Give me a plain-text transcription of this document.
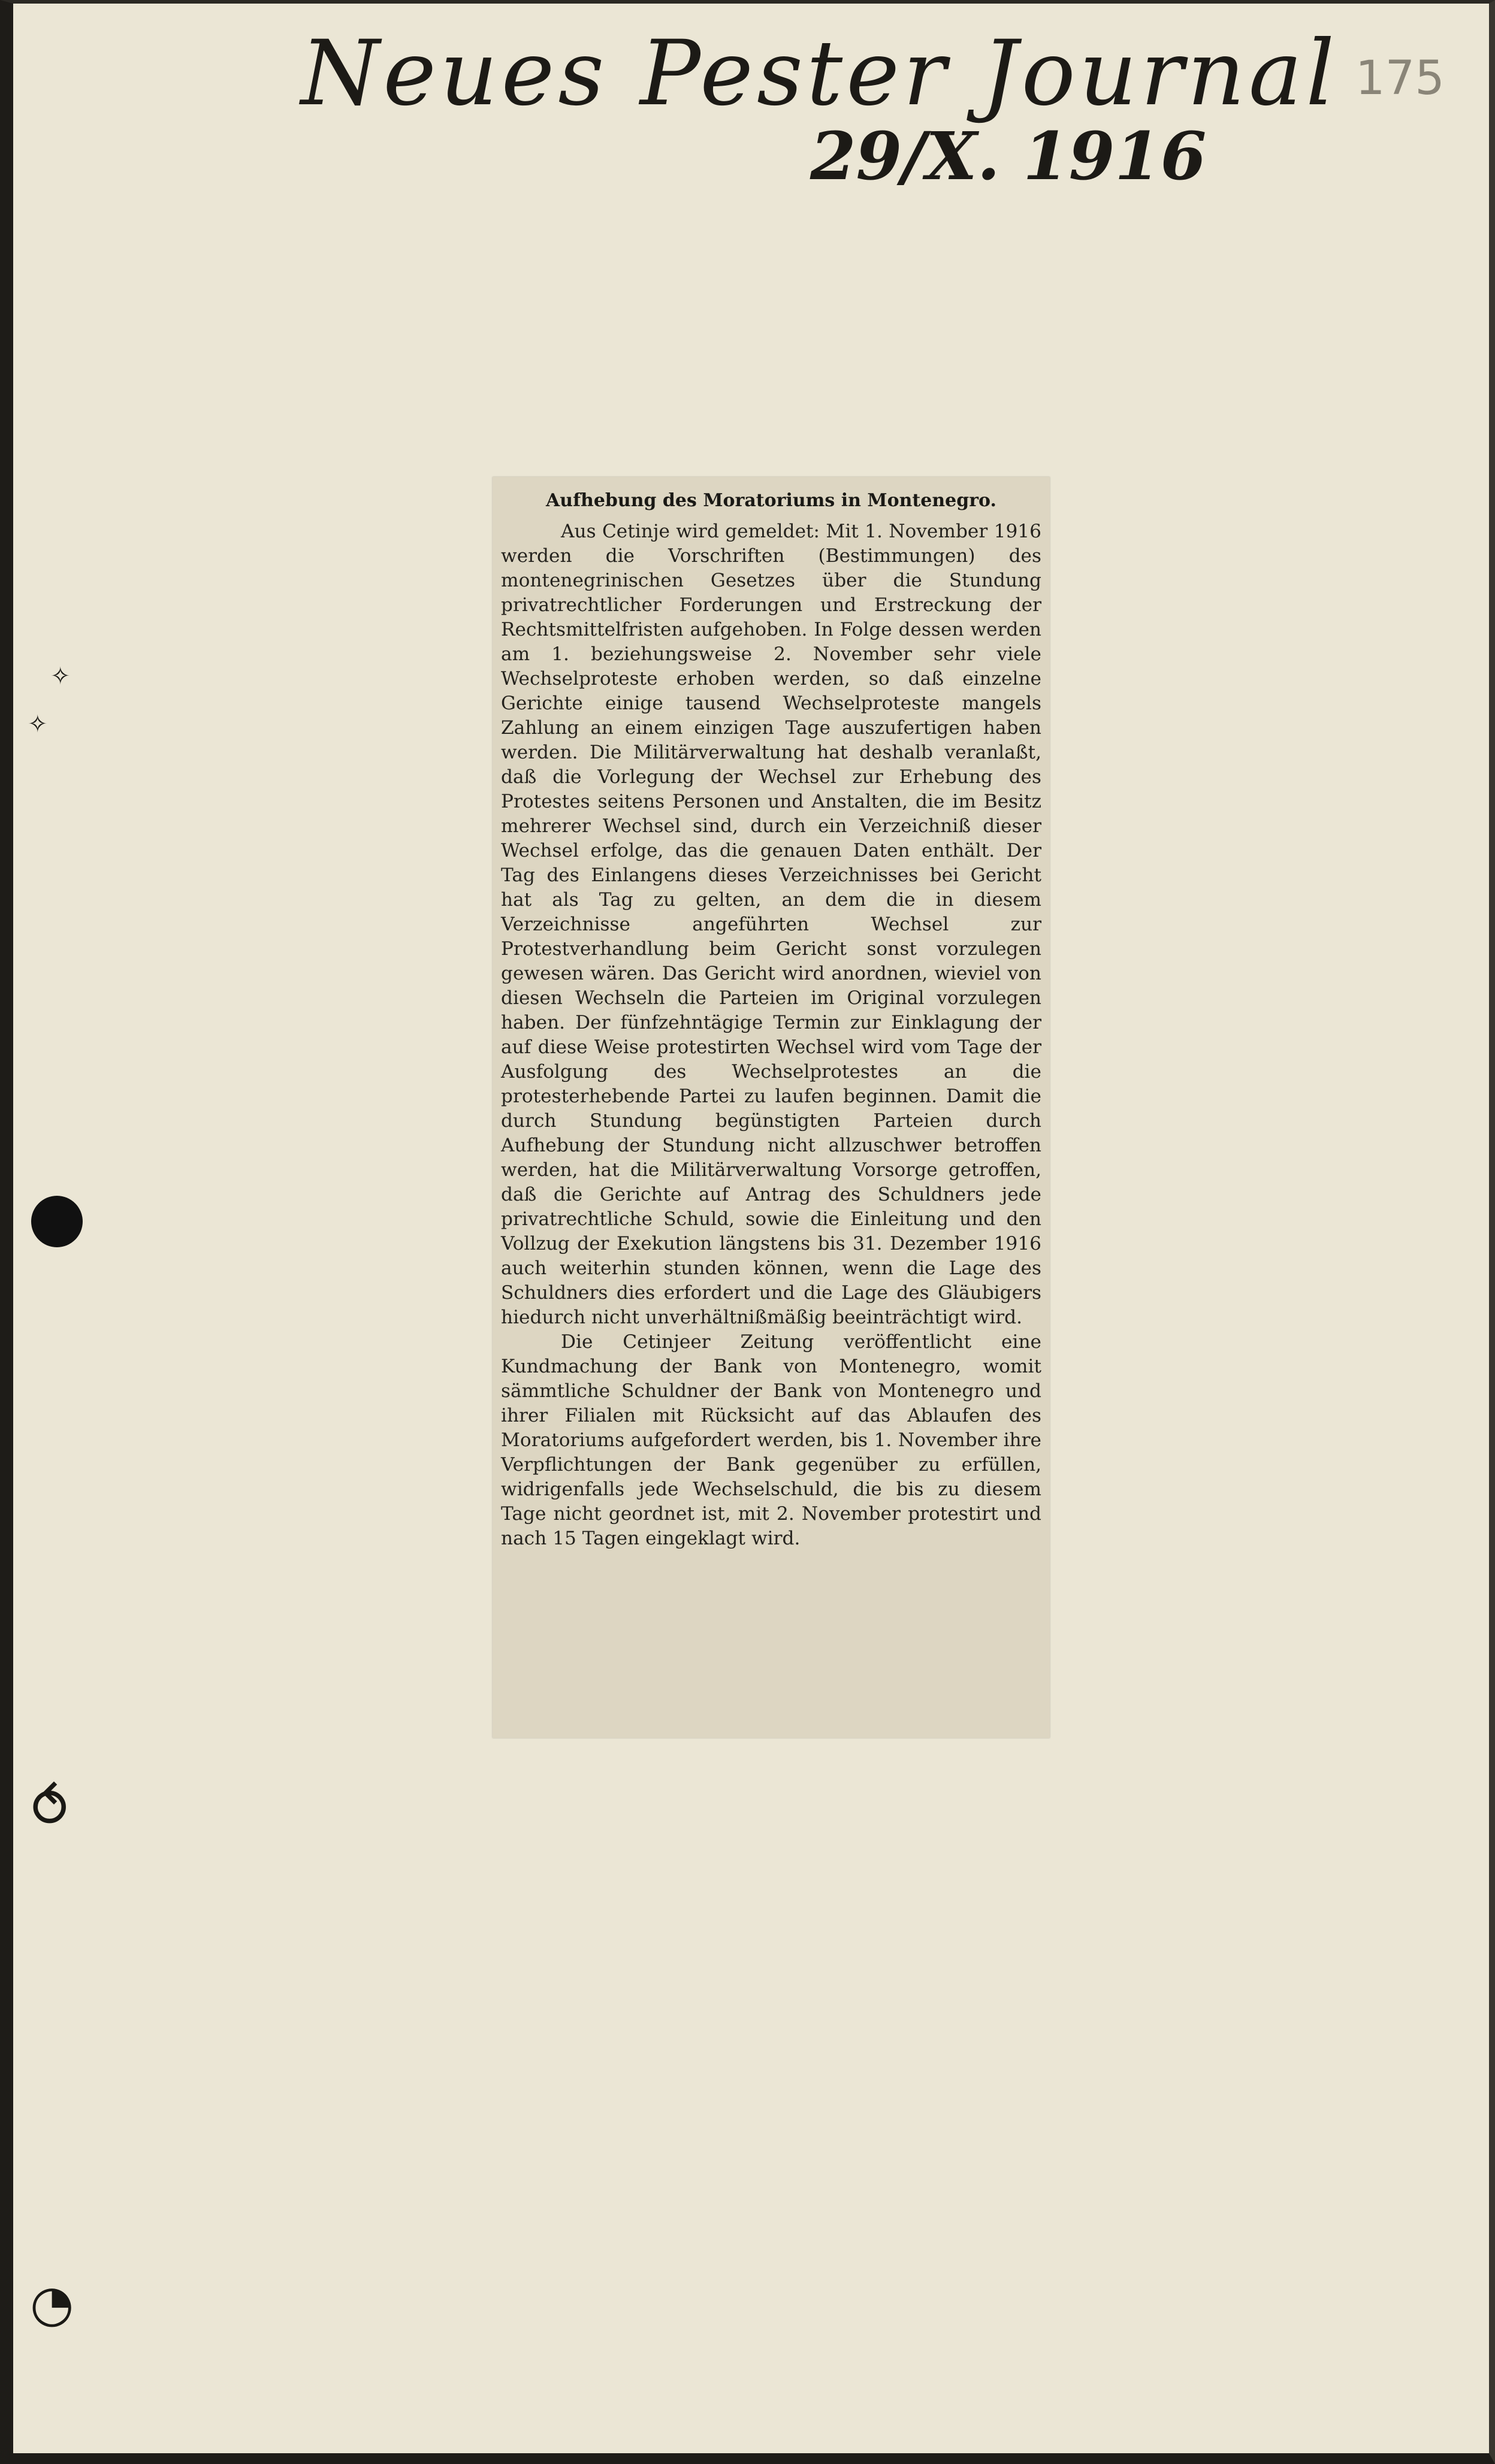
Neues Pester Journal
29/X. 1916
175
Aufhebung des Moratoriums in Montenegro.

Aus Cetinje wird gemeldet: Mit 1. November 1916 werden die Vorschriften (Bestimmungen) des montenegrinischen Gesetzes über die Stundung privatrechtlicher Forderungen und Erstreckung der Rechtsmittelfristen aufgehoben. In Folge dessen werden am 1. beziehungsweise 2. November sehr viele Wechselproteste erhoben werden, so daß einzelne Gerichte einige tausend Wechselproteste mangels Zahlung an einem einzigen Tage auszufertigen haben werden. Die Militärverwaltung hat deshalb veranlaßt, daß die Vorlegung der Wechsel zur Erhebung des Protestes seitens Personen und Anstalten, die im Besitz mehrerer Wechsel sind, durch ein Verzeichniß dieser Wechsel erfolge, das die genauen Daten enthält. Der Tag des Einlangens dieses Verzeichnisses bei Gericht hat als Tag zu gelten, an dem die in diesem Verzeichnisse angeführten Wechsel zur Protestverhandlung beim Gericht sonst vorzulegen gewesen wären. Das Gericht wird anordnen, wieviel von diesen Wechseln die Parteien im Original vorzulegen haben. Der fünfzehntägige Termin zur Einklagung der auf diese Weise protestirten Wechsel wird vom Tage der Ausfolgung des Wechselprotestes an die protesterhebende Partei zu laufen beginnen. Damit die durch Stundung begünstigten Parteien durch Aufhebung der Stundung nicht allzuschwer betroffen werden, hat die Militärverwaltung Vorsorge getroffen, daß die Gerichte auf Antrag des Schuldners jede privatrechtliche Schuld, sowie die Einleitung und den Vollzug der Exekution längstens bis 31. Dezember 1916 auch weiterhin stunden können, wenn die Lage des Schuldners dies erfordert und die Lage des Gläubigers hiedurch nicht unverhältnißmäßig beeinträchtigt wird.

Die Cetinjeer Zeitung veröffentlicht eine Kundmachung der Bank von Montenegro, womit sämmtliche Schuldner der Bank von Montenegro und ihrer Filialen mit Rücksicht auf das Ablaufen des Moratoriums aufgefordert werden, bis 1. November ihre Verpflichtungen der Bank gegenüber zu erfüllen, widrigenfalls jede Wechselschuld, die bis zu diesem Tage nicht geordnet ist, mit 2. November protestirt und nach 15 Tagen eingeklagt wird.

⥀
◔
✧
✧
